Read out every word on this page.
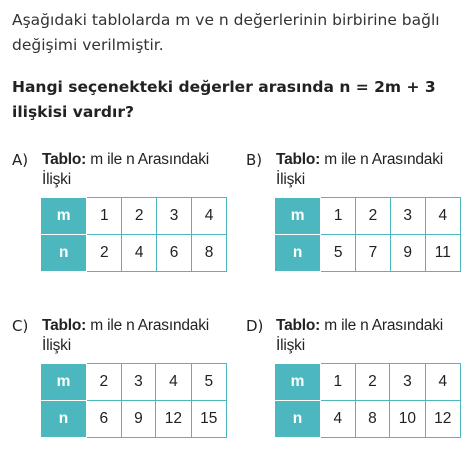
Aşağıdaki tablolarda m ve n değerlerinin birbirine bağlı değişimi verilmiştir.
Hangi seçenekteki değerler arasında n = 2m + 3 ilişkisi vardır?
A) Tablo: m ile n Arasındaki İlişki
m	1	2	3	4
n	2	4	6	8
B) Tablo: m ile n Arasındaki İlişki
m	1	2	3	4
n	5	7	9	11
C) Tablo: m ile n Arasındaki İlişki
m	2	3	4	5
n	6	9	12	15
D) Tablo: m ile n Arasındaki İlişki
m	1	2	3	4
n	4	8	10	12
